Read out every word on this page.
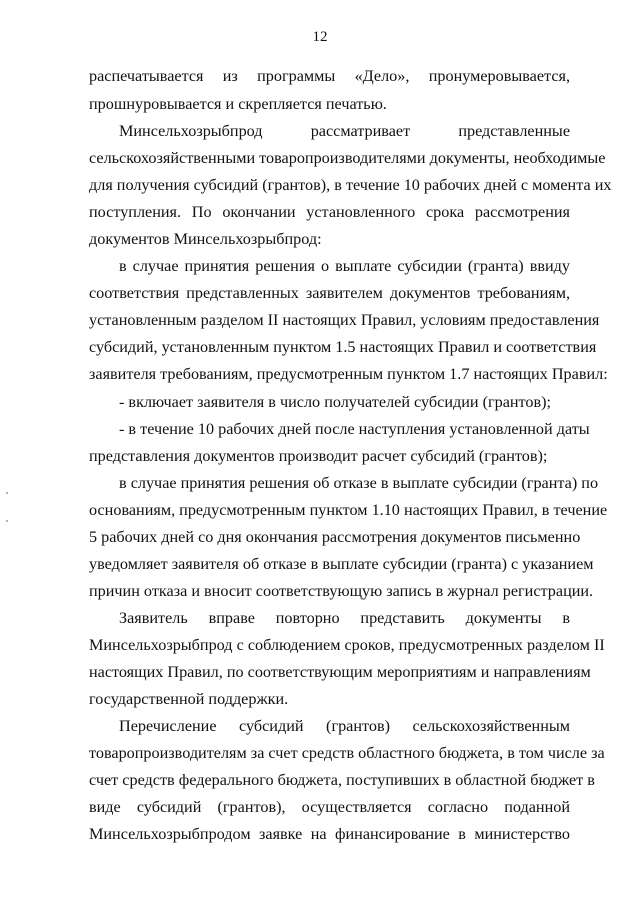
12
распечатывается из программы «Дело», пронумеровывается,
прошнуровывается и скрепляется печатью.
Минсельхозрыбпрод рассматривает представленные
сельскохозяйственными товаропроизводителями документы, необходимые
для получения субсидий (грантов), в течение 10 рабочих дней с момента их
поступления. По окончании установленного срока рассмотрения
документов Минсельхозрыбпрод:
в случае принятия решения о выплате субсидии (гранта) ввиду
соответствия представленных заявителем документов требованиям,
установленным разделом II настоящих Правил, условиям предоставления
субсидий, установленным пунктом 1.5 настоящих Правил и соответствия
заявителя требованиям, предусмотренным пунктом 1.7 настоящих Правил:
- включает заявителя в число получателей субсидии (грантов);
- в течение 10 рабочих дней после наступления установленной даты
представления документов производит расчет субсидий (грантов);
в случае принятия решения об отказе в выплате субсидии (гранта) по
основаниям, предусмотренным пунктом 1.10 настоящих Правил, в течение
5 рабочих дней со дня окончания рассмотрения документов письменно
уведомляет заявителя об отказе в выплате субсидии (гранта) с указанием
причин отказа и вносит соответствующую запись в журнал регистрации.
Заявитель вправе повторно представить документы в
Минсельхозрыбпрод с соблюдением сроков, предусмотренных разделом II
настоящих Правил, по соответствующим мероприятиям и направлениям
государственной поддержки.
Перечисление субсидий (грантов) сельскохозяйственным
товаропроизводителям за счет средств областного бюджета, в том числе за
счет средств федерального бюджета, поступивших в областной бюджет в
виде субсидий (грантов), осуществляется согласно поданной
Минсельхозрыбпродом заявке на финансирование в министерство
